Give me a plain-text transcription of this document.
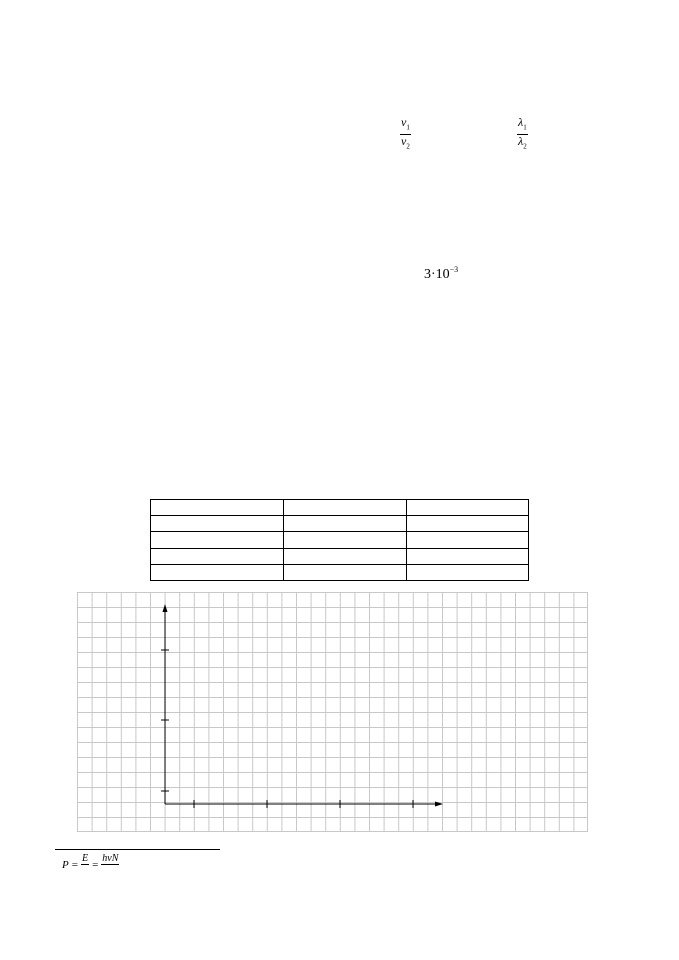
$\nu_1$
$\nu_2$
$\lambda_1$
$\lambda_2$
$3\cdot 10^{-3}$

P = E
= hνN
